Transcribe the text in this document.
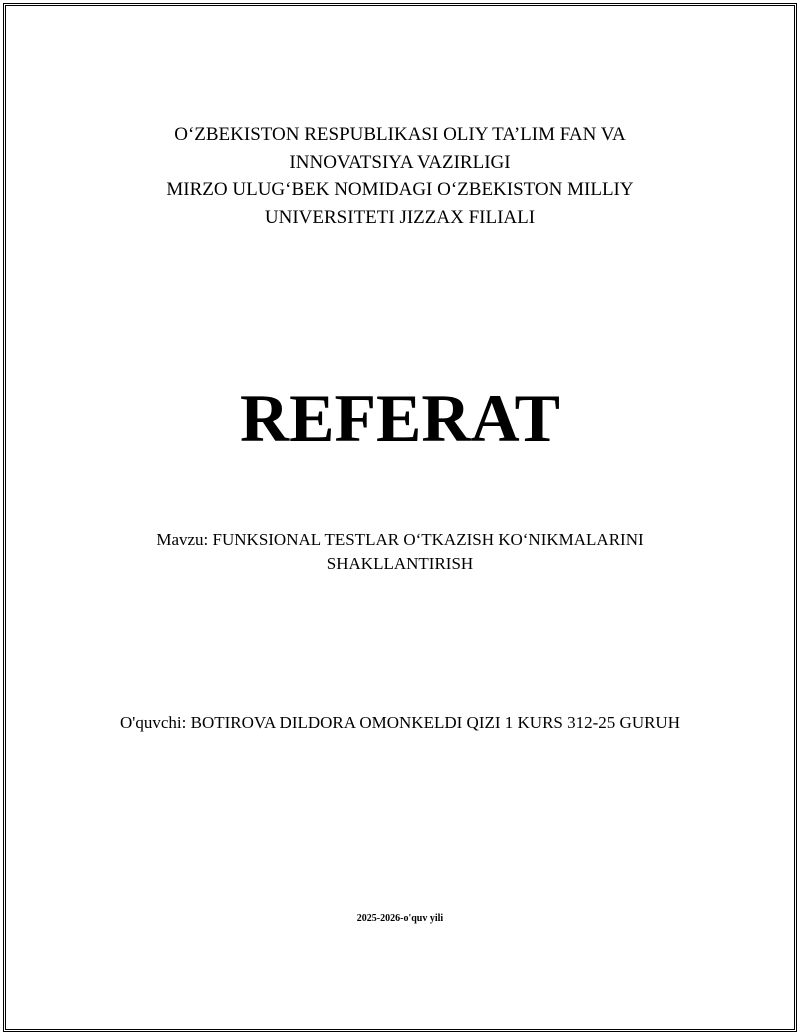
O‘ZBEKISTON RESPUBLIKASI OLIY TA’LIM FAN VA
INNOVATSIYA VAZIRLIGI
MIRZO ULUG‘BEK NOMIDAGI O‘ZBEKISTON MILLIY
UNIVERSITETI JIZZAX FILIALI
REFERAT
Mavzu: FUNKSIONAL TESTLAR O‘TKAZISH KO‘NIKMALARINI SHAKLLANTIRISH
O'quvchi: BOTIROVA DILDORA OMONKELDI QIZI 1 KURS 312-25 GURUH
2025-2026-o'quv yili
